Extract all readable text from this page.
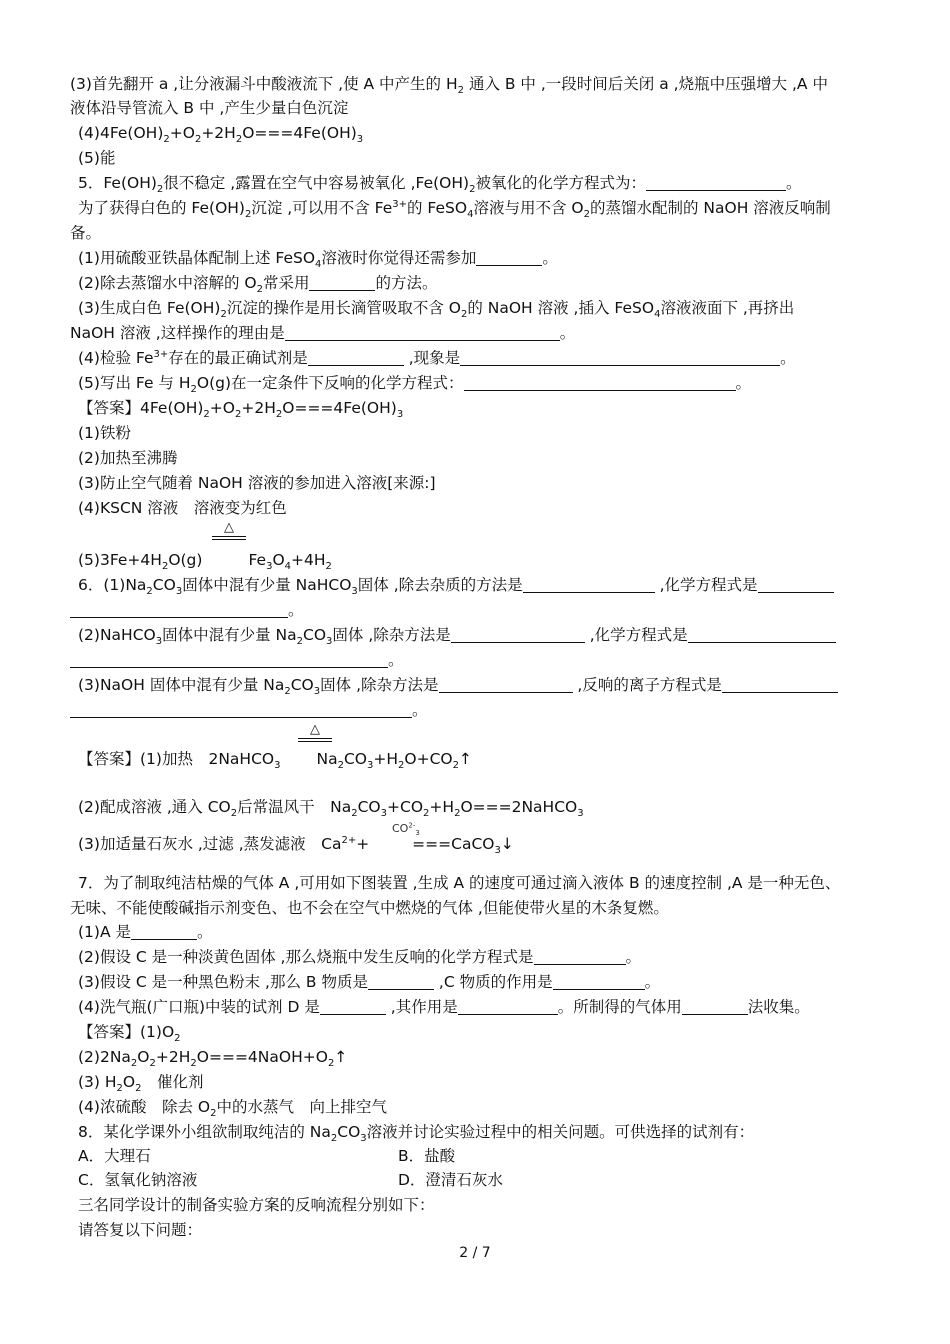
(3)首先翻开 a ,让分液漏斗中酸液流下 ,使 A 中产生的 $H_2$ 通入 B 中 ,一段时间后关闭 a ,烧瓶中压强增大 ,A 中
液体沿导管流入 B 中 ,产生少量白色沉淀
$(4)4Fe(OH)_2+O_2+2H_2O===4Fe(OH)_3$
(5)能
5．$Fe(OH)_2$很不稳定 ,露置在空气中容易被氧化 $,Fe(OH)_2$被氧化的化学方程式为：	。
为了获得白色的 $Fe(OH)_2$沉淀 ,可以用不含 $Fe^{3+}$的 FeSO$_4$溶液与用不含 $O_2$的蒸馏水配制的 NaOH 溶液反响制
备。
(1)用硫酸亚铁晶体配制上述 FeSO$_4$溶液时你觉得还需参加	。
(2)除去蒸馏水中溶解的 $O_2$常采用	的方法。
(3)生成白色 $Fe(OH)_2$沉淀的操作是用长滴管吸取不含 $O_2$的 NaOH 溶液 ,插入 FeSO$_4$溶液液面下 ,再挤出
NaOH 溶液 ,这样操作的理由是	。
(4)检验 $Fe^{3+}$存在的最正确试剂是	,现象是	。
(5)写出 Fe 与 $H_2O(g)$在一定条件下反响的化学方程式：	。
【答案】$4Fe(OH)_2+O_2+2H_2O===4Fe(OH)_3$
(1)铁粉
(2)加热至沸腾
(3)防止空气随着 NaOH 溶液的参加进入溶液[来源:]
(4)KSCN 溶液　溶液变为红色
△
$(5)3Fe+4H_2O(g)$	$Fe_3O_4+4H_2$
6．$(1)Na_2CO_3$固体中混有少量 NaHCO$_3$固体 ,除去杂质的方法是	,化学方程式是
。
(2)NaHCO$_3$固体中混有少量 $Na_2CO_3$固体 ,除杂方法是	,化学方程式是
。
(3)NaOH 固体中混有少量 $Na_2CO_3$固体 ,除杂方法是	,反响的离子方程式是
。
△
【答案】(1)加热　2NaHCO$_3$ $Na_2CO_3+H_2O+CO_2↑$
(2)配成溶液 ,通入 $CO_2$后常温风干　$Na_2CO_3+CO_2+H_2O===2NaHCO_3$
$CO^{2-}_3$
(3)加适量石灰水 ,过滤 ,蒸发滤液　$Ca^{2+}+$ ===CaCO$_3$↓
7．为了制取纯洁枯燥的气体 A ,可用如下图装置 ,生成 A 的速度可通过滴入液体 B 的速度控制 ,A 是一种无色、
无味、不能使酸碱指示剂变色、也不会在空气中燃烧的气体 ,但能使带火星的木条复燃。
(1)A 是	。
(2)假设 C 是一种淡黄色固体 ,那么烧瓶中发生反响的化学方程式是	。
(3)假设 C 是一种黑色粉末 ,那么 B 物质是	,C 物质的作用是	。
(4)洗气瓶(广口瓶)中装的试剂 D 是	,其作用是	。所制得的气体用	法收集。
【答案】$(1)O_2$
$(2)2Na_2O_2+2H_2O===4NaOH+O_2↑$
(3) $H_2O_2$　催化剂
(4)浓硫酸　除去 $O_2$中的水蒸气　向上排空气
8．某化学课外小组欲制取纯洁的 $Na_2CO_3$溶液并讨论实验过程中的相关问题。可供选择的试剂有：
A．大理石	B．盐酸
C．氢氧化钠溶液	D．澄清石灰水
三名同学设计的制备实验方案的反响流程分别如下：
请答复以下问题：
2 / 7
